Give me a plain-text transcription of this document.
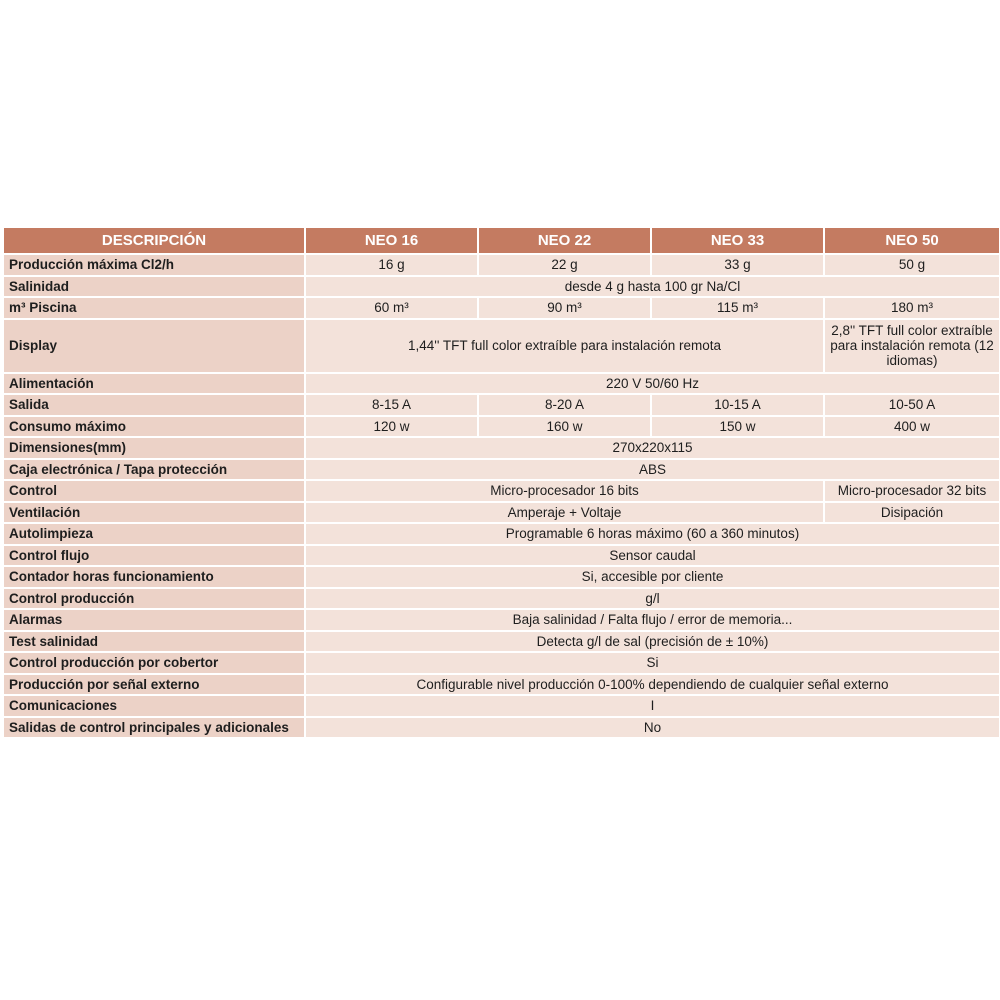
DESCRIPCIÓN	NEO 16	NEO 22	NEO 33	NEO 50
Producción máxima Cl2/h	16 g	22 g	33 g	50 g
Salinidad	desde 4 g hasta 100 gr Na/Cl			
m³ Piscina	60 m³	90 m³	115 m³	180 m³
Display	1,44'' TFT full color extraíble para instalación remota			2,8'' TFT full color extraíble para instalación remota (12 idiomas)
Alimentación	220 V 50/60 Hz			
Salida	8-15 A	8-20 A	10-15 A	10-50 A
Consumo máximo	120 w	160 w	150 w	400 w
Dimensiones(mm)	270x220x115			
Caja electrónica / Tapa protección	ABS			
Control	Micro-procesador 16 bits			Micro-procesador 32 bits
Ventilación	Amperaje + Voltaje			Disipación
Autolimpieza	Programable 6 horas máximo (60 a 360 minutos)			
Control flujo	Sensor caudal			
Contador horas funcionamiento	Si, accesible por cliente			
Control producción	g/l			
Alarmas	Baja salinidad / Falta flujo / error de memoria...			
Test salinidad	Detecta g/l de sal (precisión de ± 10%)			
Control producción por cobertor	Si			
Producción por señal externo	Configurable nivel producción 0-100% dependiendo de cualquier señal externo			
Comunicaciones	I			
Salidas de control principales y adicionales	No			
